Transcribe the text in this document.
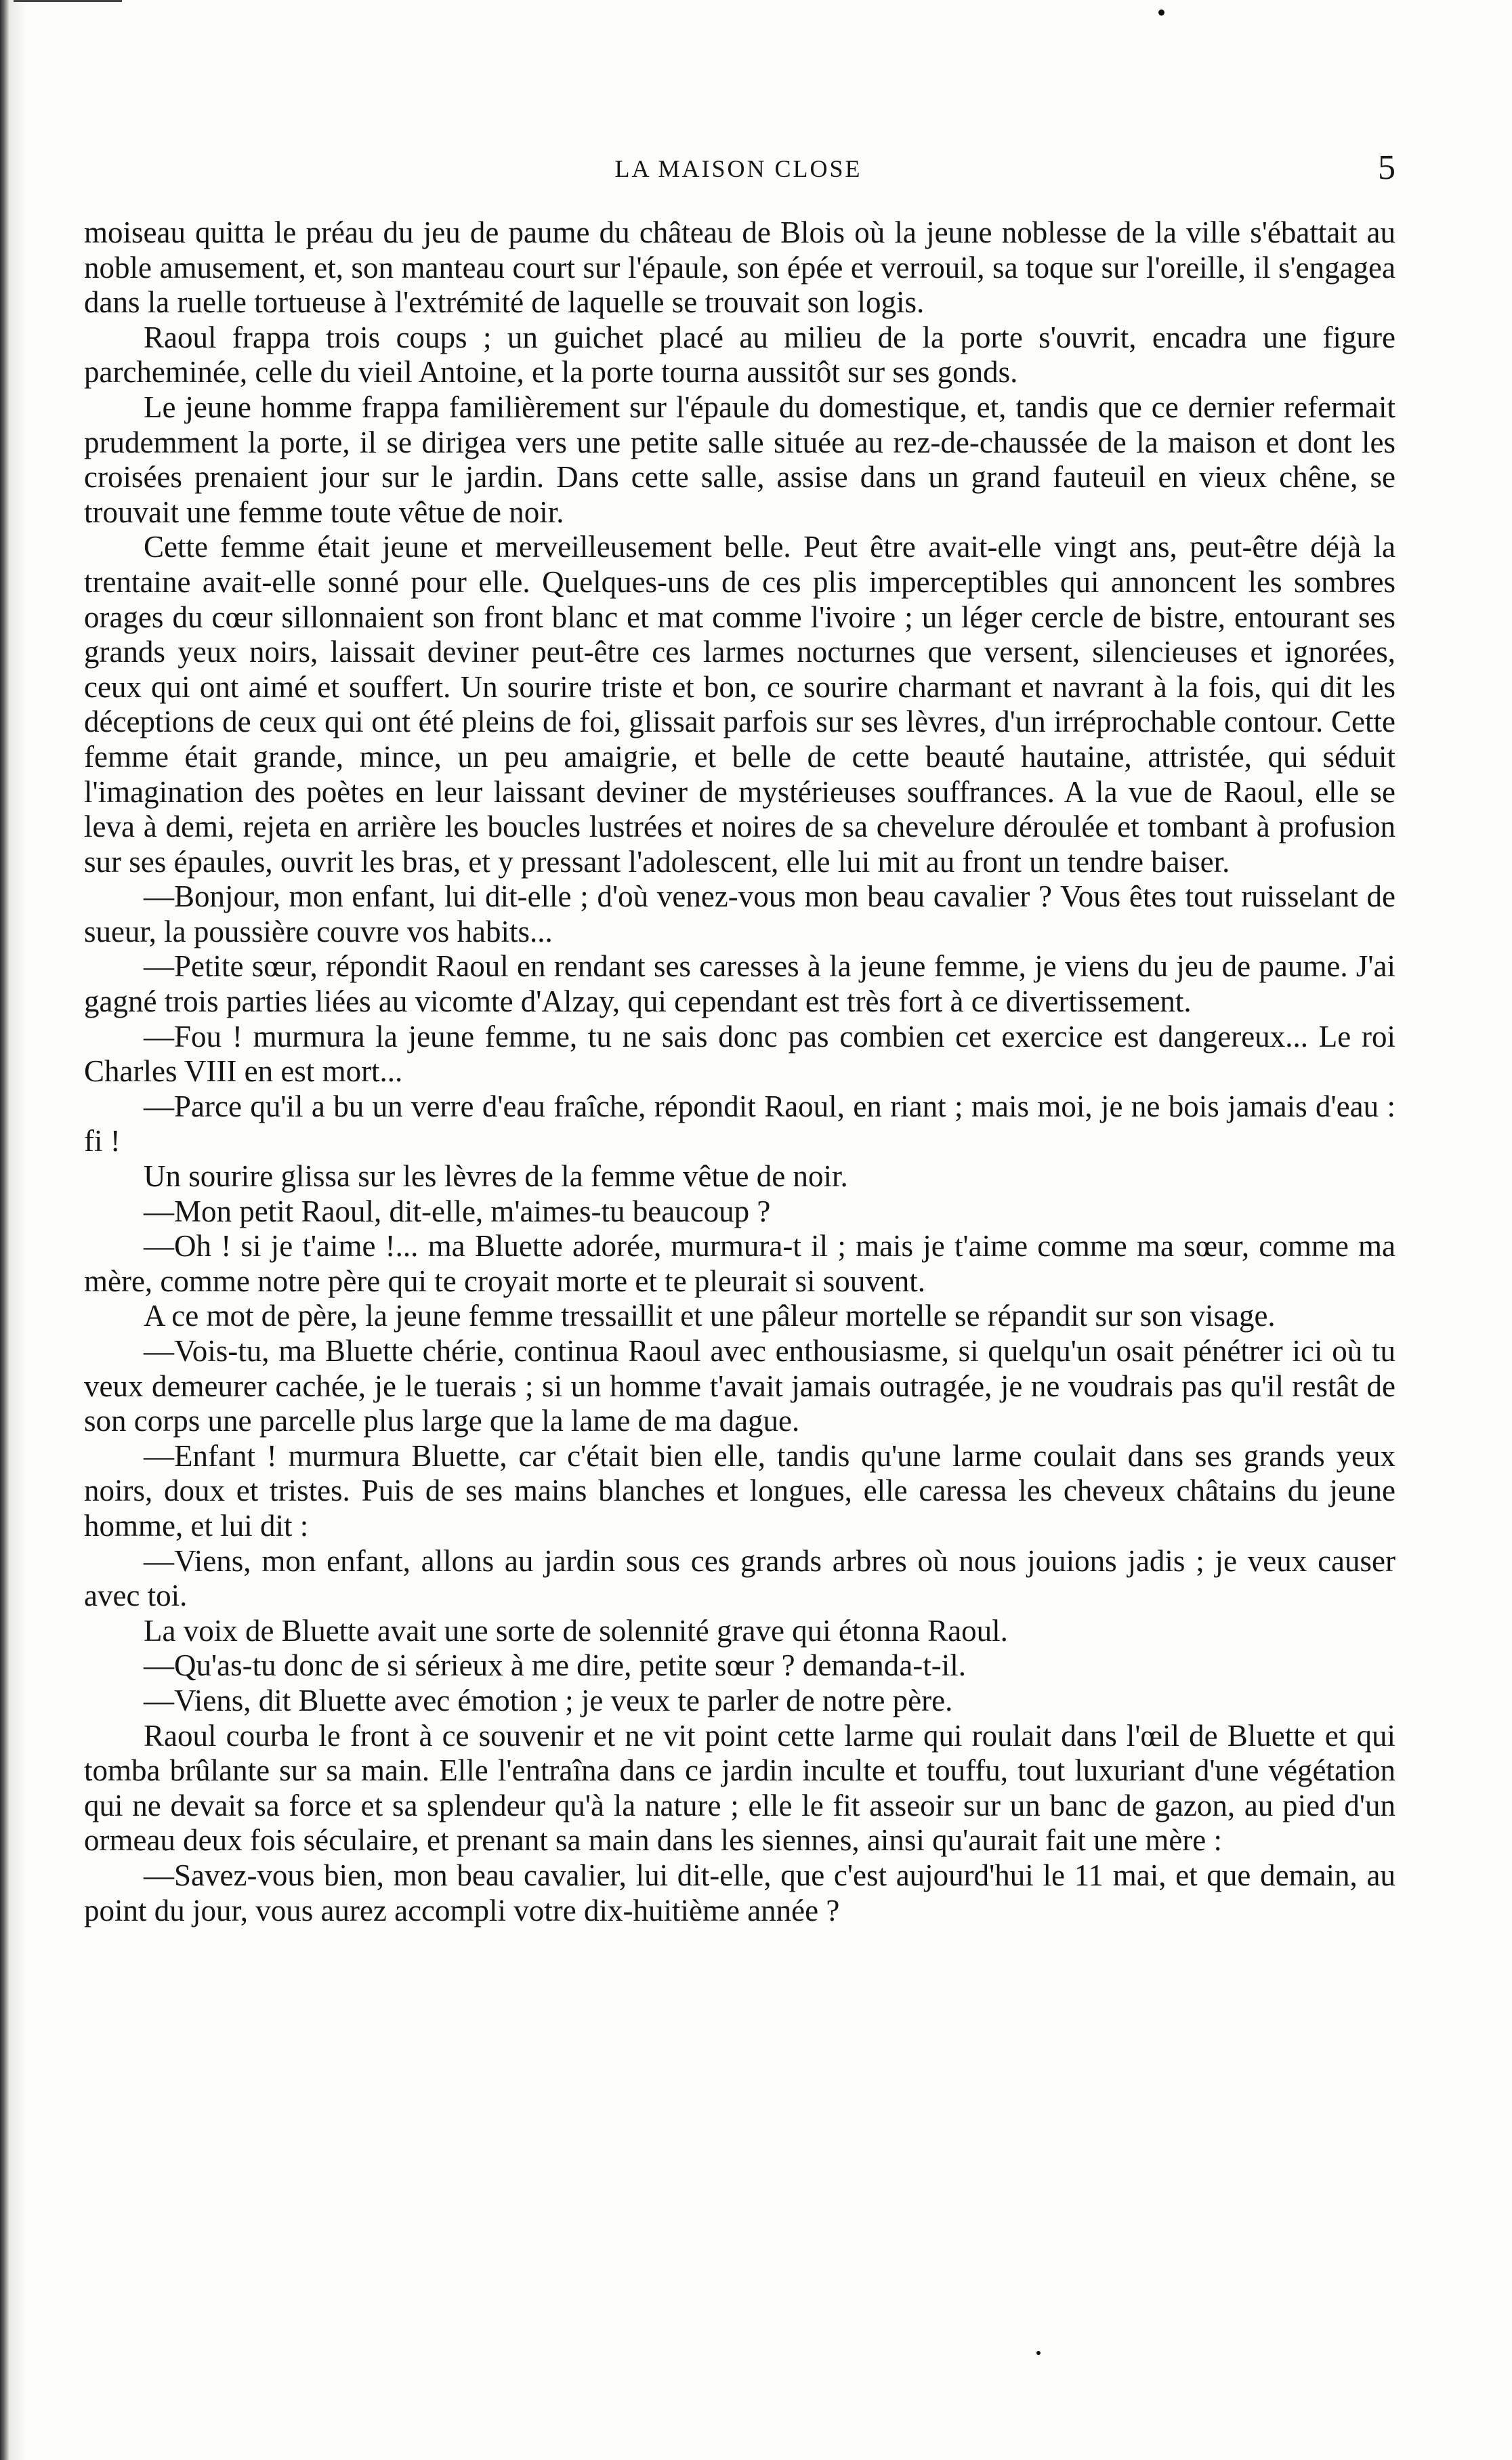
LA MAISON CLOSE	5

moiseau quitta le préau du jeu de paume du château de Blois où la jeune noblesse de la ville s'ébattait au noble amusement, et, son manteau court sur l'épaule, son épée et verrouil, sa toque sur l'oreille, il s'engagea dans la ruelle tortueuse à l'extrémité de laquelle se trouvait son logis.

Raoul frappa trois coups ; un guichet placé au milieu de la porte s'ouvrit, encadra une figure parcheminée, celle du vieil Antoine, et la porte tourna aussitôt sur ses gonds.

Le jeune homme frappa familièrement sur l'épaule du domestique, et, tandis que ce dernier refermait prudemment la porte, il se dirigea vers une petite salle située au rez-de-chaussée de la maison et dont les croisées prenaient jour sur le jardin. Dans cette salle, assise dans un grand fauteuil en vieux chêne, se trouvait une femme toute vêtue de noir.

Cette femme était jeune et merveilleusement belle. Peut être avait-elle vingt ans, peut-être déjà la trentaine avait-elle sonné pour elle. Quelques-uns de ces plis imperceptibles qui annoncent les sombres orages du cœur sillonnaient son front blanc et mat comme l'ivoire ; un léger cercle de bistre, entourant ses grands yeux noirs, laissait deviner peut-être ces larmes nocturnes que versent, silencieuses et ignorées, ceux qui ont aimé et souffert. Un sourire triste et bon, ce sourire charmant et navrant à la fois, qui dit les déceptions de ceux qui ont été pleins de foi, glissait parfois sur ses lèvres, d'un irréprochable contour. Cette femme était grande, mince, un peu amaigrie, et belle de cette beauté hautaine, attristée, qui séduit l'imagination des poètes en leur laissant deviner de mystérieuses souffrances. A la vue de Raoul, elle se leva à demi, rejeta en arrière les boucles lustrées et noires de sa chevelure déroulée et tombant à profusion sur ses épaules, ouvrit les bras, et y pressant l'adolescent, elle lui mit au front un tendre baiser.

—Bonjour, mon enfant, lui dit-elle ; d'où venez-vous mon beau cavalier ? Vous êtes tout ruisselant de sueur, la poussière couvre vos habits...

—Petite sœur, répondit Raoul en rendant ses caresses à la jeune femme, je viens du jeu de paume. J'ai gagné trois parties liées au vicomte d'Alzay, qui cependant est très fort à ce divertissement.

—Fou ! murmura la jeune femme, tu ne sais donc pas combien cet exercice est dangereux... Le roi Charles VIII en est mort...

—Parce qu'il a bu un verre d'eau fraîche, répondit Raoul, en riant ; mais moi, je ne bois jamais d'eau : fi !

Un sourire glissa sur les lèvres de la femme vêtue de noir.

—Mon petit Raoul, dit-elle, m'aimes-tu beaucoup ?

—Oh ! si je t'aime !... ma Bluette adorée, murmura-t il ; mais je t'aime comme ma sœur, comme ma mère, comme notre père qui te croyait morte et te pleurait si souvent.

A ce mot de père, la jeune femme tressaillit et une pâleur mortelle se répandit sur son visage.

—Vois-tu, ma Bluette chérie, continua Raoul avec enthousiasme, si quelqu'un osait pénétrer ici où tu veux demeurer cachée, je le tuerais ; si un homme t'avait jamais outragée, je ne voudrais pas qu'il restât de son corps une parcelle plus large que la lame de ma dague.

—Enfant ! murmura Bluette, car c'était bien elle, tandis qu'une larme coulait dans ses grands yeux noirs, doux et tristes. Puis de ses mains blanches et longues, elle caressa les cheveux châtains du jeune homme, et lui dit :

—Viens, mon enfant, allons au jardin sous ces grands arbres où nous jouions jadis ; je veux causer avec toi.

La voix de Bluette avait une sorte de solennité grave qui étonna Raoul.

—Qu'as-tu donc de si sérieux à me dire, petite sœur ? demanda-t-il.

—Viens, dit Bluette avec émotion ; je veux te parler de notre père.

Raoul courba le front à ce souvenir et ne vit point cette larme qui roulait dans l'œil de Bluette et qui tomba brûlante sur sa main. Elle l'entraîna dans ce jardin inculte et touffu, tout luxuriant d'une végétation qui ne devait sa force et sa splendeur qu'à la nature ; elle le fit asseoir sur un banc de gazon, au pied d'un ormeau deux fois séculaire, et prenant sa main dans les siennes, ainsi qu'aurait fait une mère :

—Savez-vous bien, mon beau cavalier, lui dit-elle, que c'est aujourd'hui le 11 mai, et que demain, au point du jour, vous aurez accompli votre dix-huitième année ?
